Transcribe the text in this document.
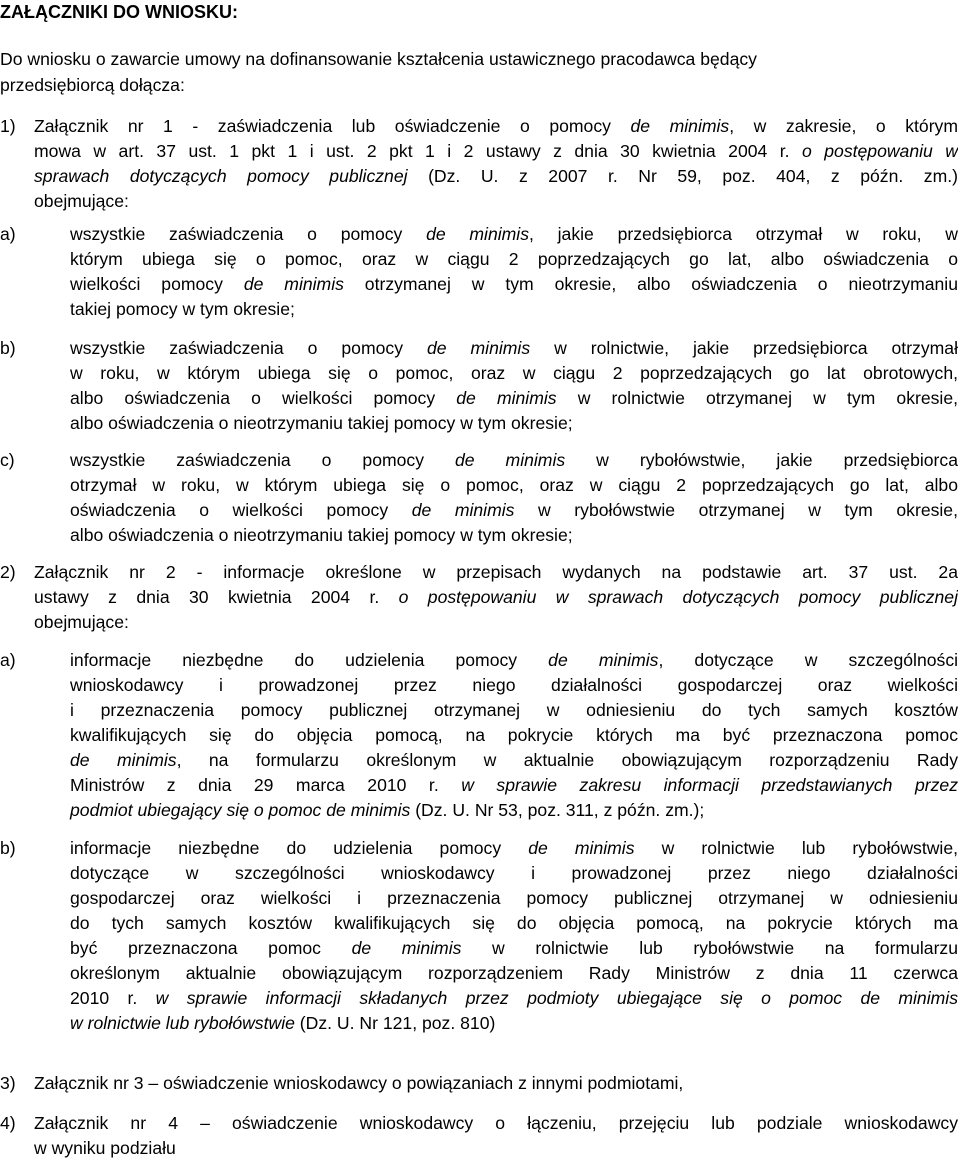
ZAŁĄCZNIKI DO WNIOSKU:
Do wniosku o zawarcie umowy na dofinansowanie kształcenia ustawicznego pracodawca będący
przedsiębiorcą dołącza:
1) Załącznik nr 1 - zaświadczenia lub oświadczenie o pomocy de minimis, w zakresie, o którym
mowa w art. 37 ust. 1 pkt 1 i ust. 2 pkt 1 i 2 ustawy z dnia 30 kwietnia 2004 r. o postępowaniu w
sprawach dotyczących pomocy publicznej (Dz. U. z 2007 r. Nr 59, poz. 404, z późn. zm.)
obejmujące:
a)	wszystkie zaświadczenia o pomocy de minimis, jakie przedsiębiorca otrzymał w roku, w
którym ubiega się o pomoc, oraz w ciągu 2 poprzedzających go lat, albo oświadczenia o
wielkości pomocy de minimis otrzymanej w tym okresie, albo oświadczenia o nieotrzymaniu
takiej pomocy w tym okresie;
b)	wszystkie zaświadczenia o pomocy de minimis w rolnictwie, jakie przedsiębiorca otrzymał
w roku, w którym ubiega się o pomoc, oraz w ciągu 2 poprzedzających go lat obrotowych,
albo oświadczenia o wielkości pomocy de minimis w rolnictwie otrzymanej w tym okresie,
albo oświadczenia o nieotrzymaniu takiej pomocy w tym okresie;
c)	wszystkie zaświadczenia o pomocy de minimis w rybołówstwie, jakie przedsiębiorca
otrzymał w roku, w którym ubiega się o pomoc, oraz w ciągu 2 poprzedzających go lat, albo
oświadczenia o wielkości pomocy de minimis w rybołówstwie otrzymanej w tym okresie,
albo oświadczenia o nieotrzymaniu takiej pomocy w tym okresie;
2) Załącznik nr 2 - informacje określone w przepisach wydanych na podstawie art. 37 ust. 2a
ustawy z dnia 30 kwietnia 2004 r. o postępowaniu w sprawach dotyczących pomocy publicznej
obejmujące:
a)	informacje niezbędne do udzielenia pomocy de minimis, dotyczące w szczególności
wnioskodawcy i prowadzonej przez niego działalności gospodarczej oraz wielkości
i przeznaczenia pomocy publicznej otrzymanej w odniesieniu do tych samych kosztów
kwalifikujących się do objęcia pomocą, na pokrycie których ma być przeznaczona pomoc
de minimis, na formularzu określonym w aktualnie obowiązującym rozporządzeniu Rady
Ministrów z dnia 29 marca 2010 r. w sprawie zakresu informacji przedstawianych przez
podmiot ubiegający się o pomoc de minimis (Dz. U. Nr 53, poz. 311, z późn. zm.);
b)	informacje niezbędne do udzielenia pomocy de minimis w rolnictwie lub rybołówstwie,
dotyczące w szczególności wnioskodawcy i prowadzonej przez niego działalności
gospodarczej oraz wielkości i przeznaczenia pomocy publicznej otrzymanej w odniesieniu
do tych samych kosztów kwalifikujących się do objęcia pomocą, na pokrycie których ma
być przeznaczona pomoc de minimis w rolnictwie lub rybołówstwie na formularzu
określonym aktualnie obowiązującym rozporządzeniem Rady Ministrów z dnia 11 czerwca
2010 r. w sprawie informacji składanych przez podmioty ubiegające się o pomoc de minimis
w rolnictwie lub rybołówstwie (Dz. U. Nr 121, poz. 810)
3) Załącznik nr 3 – oświadczenie wnioskodawcy o powiązaniach z innymi podmiotami,
4) Załącznik nr 4 – oświadczenie wnioskodawcy o łączeniu, przejęciu lub podziale wnioskodawcy
w wyniku podziału
